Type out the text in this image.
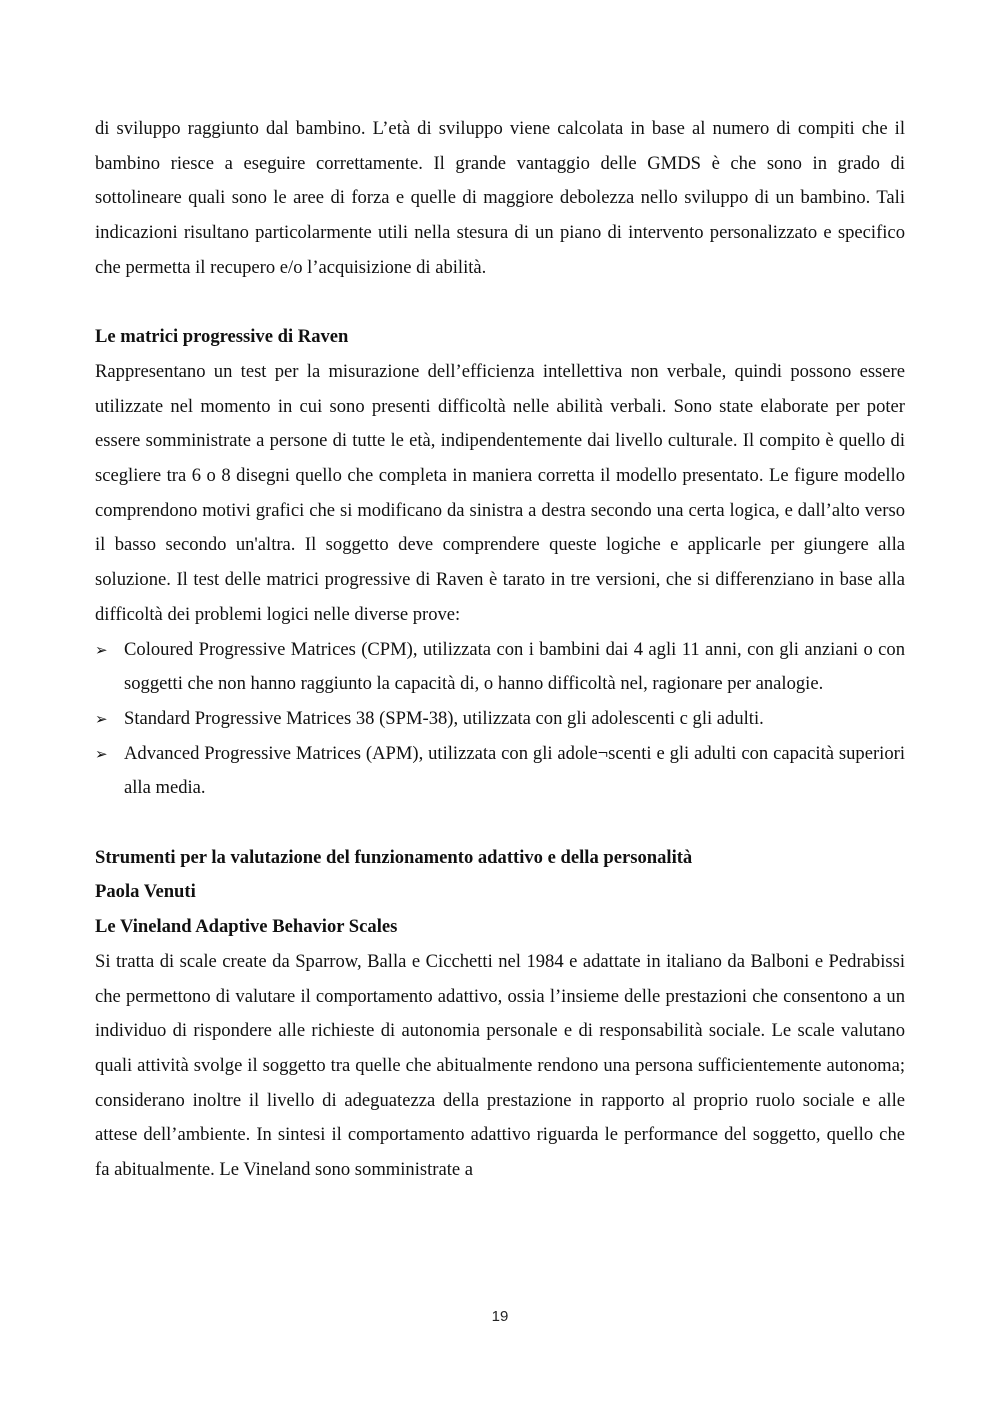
di sviluppo raggiunto dal bambino. L’età di sviluppo viene calcolata in base al numero di compiti che il bambino riesce a eseguire correttamente. Il grande vantaggio delle GMDS è che sono in grado di sottolineare quali sono le aree di forza e quelle di maggiore debolezza nello sviluppo di un bambino. Tali indicazioni risultano particolarmente utili nella stesura di un piano di intervento personalizzato e specifico che permetta il recupero e/o l’acquisizione di abilità.

Le matrici progressive di Raven

Rappresentano un test per la misurazione dell’efficienza intellettiva non verbale, quindi possono essere utilizzate nel momento in cui sono presenti difficoltà nelle abilità verbali. Sono state elaborate per poter essere somministrate a persone di tutte le età, indipendentemente dai livello culturale. Il compito è quello di scegliere tra 6 o 8 disegni quello che completa in maniera corretta il modello presentato. Le figure modello comprendono motivi grafici che si modificano da sinistra a destra secondo una certa logica, e dall’alto verso il basso secondo un'altra. Il soggetto deve comprendere queste logiche e applicarle per giungere alla soluzione. Il test delle matrici progressive di Raven è tarato in tre versioni, che si differenziano in base alla difficoltà dei problemi logici nelle diverse prove:

➢ Coloured Progressive Matrices (CPM), utilizzata con i bambini dai 4 agli 11 anni, con gli anziani o con soggetti che non hanno raggiunto la capacità di, o hanno difficoltà nel, ragionare per analogie.
➢ Standard Progressive Matrices 38 (SPM-38), utilizzata con gli adolescenti c gli adulti.
➢ Advanced Progressive Matrices (APM), utilizzata con gli adole¬scenti e gli adulti con capacità superiori alla media.

Strumenti per la valutazione del funzionamento adattivo e della personalità

Paola Venuti

Le Vineland Adaptive Behavior Scales

Si tratta di scale create da Sparrow, Balla e Cicchetti nel 1984 e adattate in italiano da Balboni e Pedrabissi che permettono di valutare il comportamento adattivo, ossia l’insieme delle prestazioni che consentono a un individuo di rispondere alle richieste di autonomia personale e di responsabilità sociale. Le scale valutano quali attività svolge il soggetto tra quelle che abitualmente rendono una persona sufficientemente autonoma; considerano inoltre il livello di adeguatezza della prestazione in rapporto al proprio ruolo sociale e alle attese dell’ambiente. In sintesi il comportamento adattivo riguarda le performance del soggetto, quello che fa abitualmente. Le Vineland sono somministrate a

19
